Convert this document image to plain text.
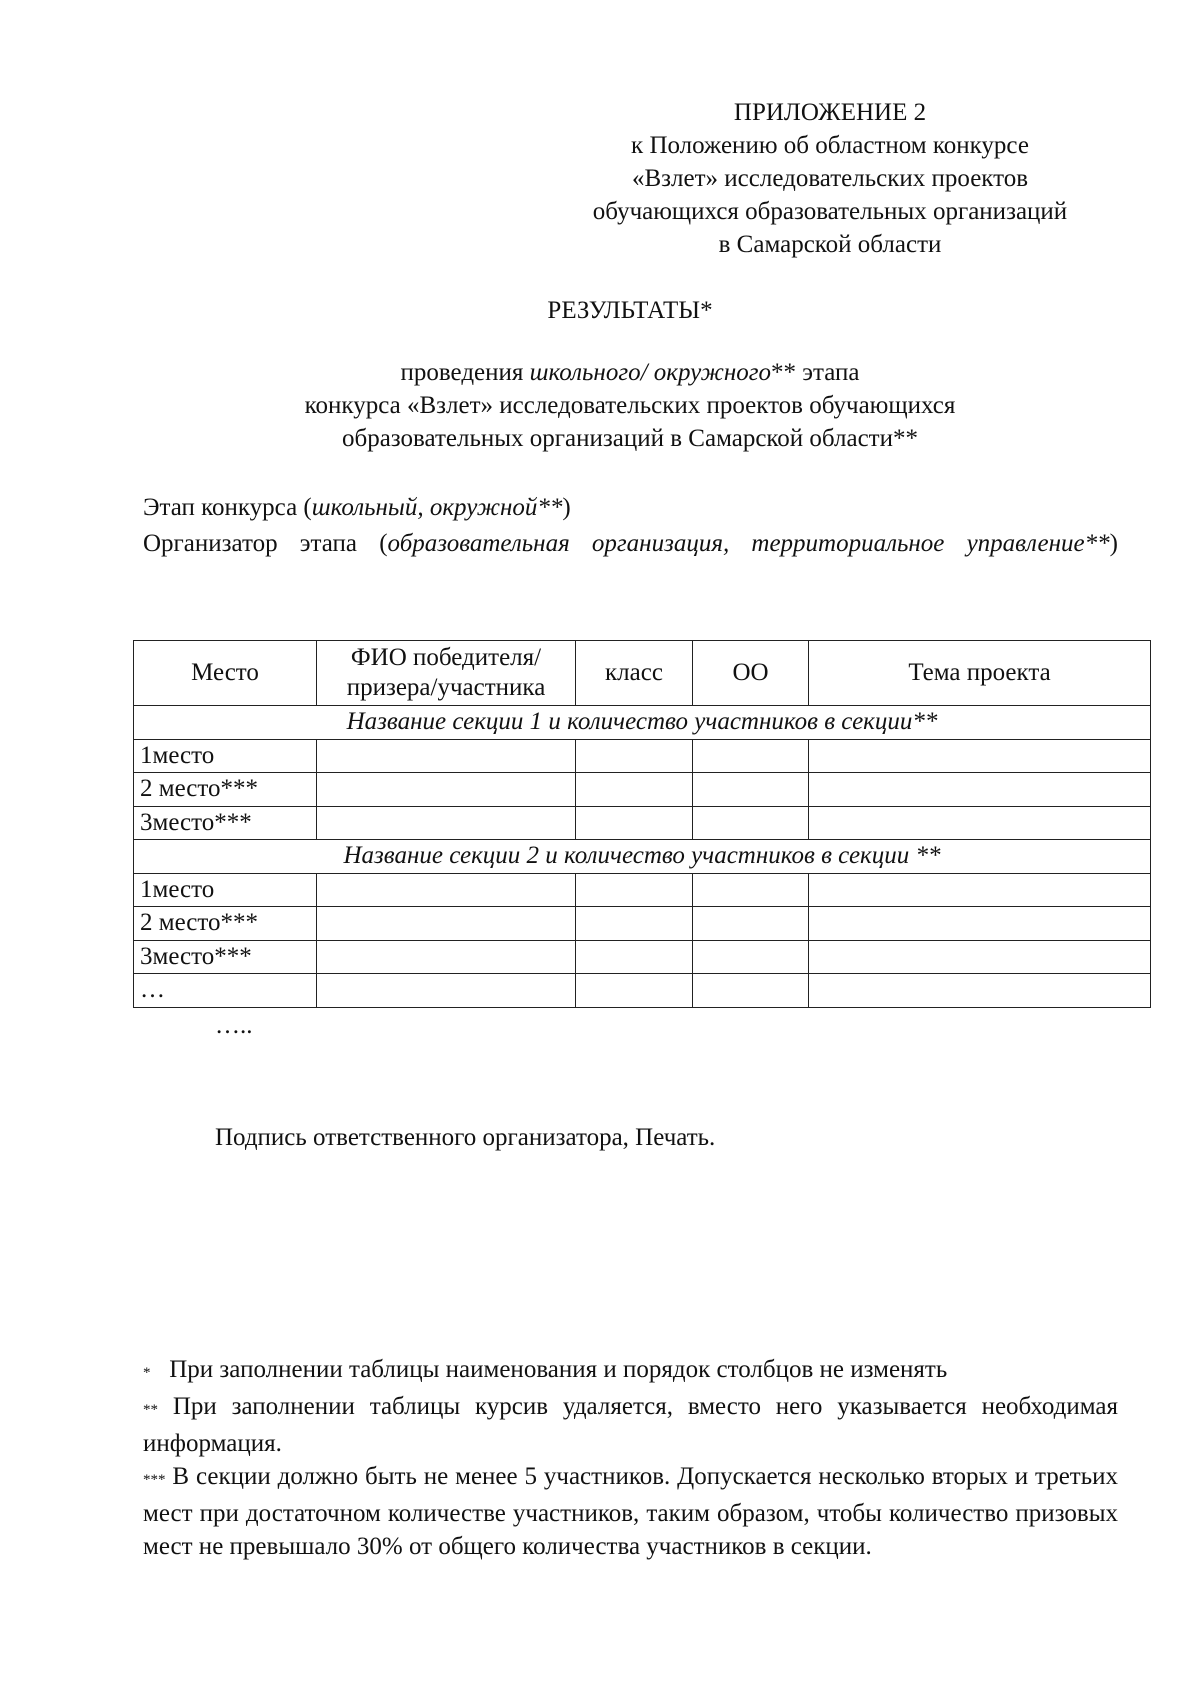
ПРИЛОЖЕНИЕ 2
к Положению об областном конкурсе
«Взлет» исследовательских проектов
обучающихся образовательных организаций
в Самарской области
РЕЗУЛЬТАТЫ*
проведения школьного/ окружного** этапа
конкурса «Взлет» исследовательских проектов обучающихся
образовательных организаций в Самарской области**
Этап конкурса (школьный, окружной**)
Организатор этапа (образовательная организация, территориальное управление**)
Место	ФИО победителя/ призера/участника	класс	ОО	Тема проекта
Название секции 1 и количество участников в секции**				
1место				
2 место***				
3место***				
Название секции 2 и количество участников в секции **				
1место				
2 место***				
3место***				
…				
…..
Подпись ответственного организатора, Печать.
* При заполнении таблицы наименования и порядок столбцов не изменять
** При заполнении таблицы курсив удаляется, вместо него указывается необходимая информация.
*** В секции должно быть не менее 5 участников. Допускается несколько вторых и третьих мест при достаточном количестве участников, таким образом, чтобы количество призовых мест не превышало 30% от общего количества участников в секции.
